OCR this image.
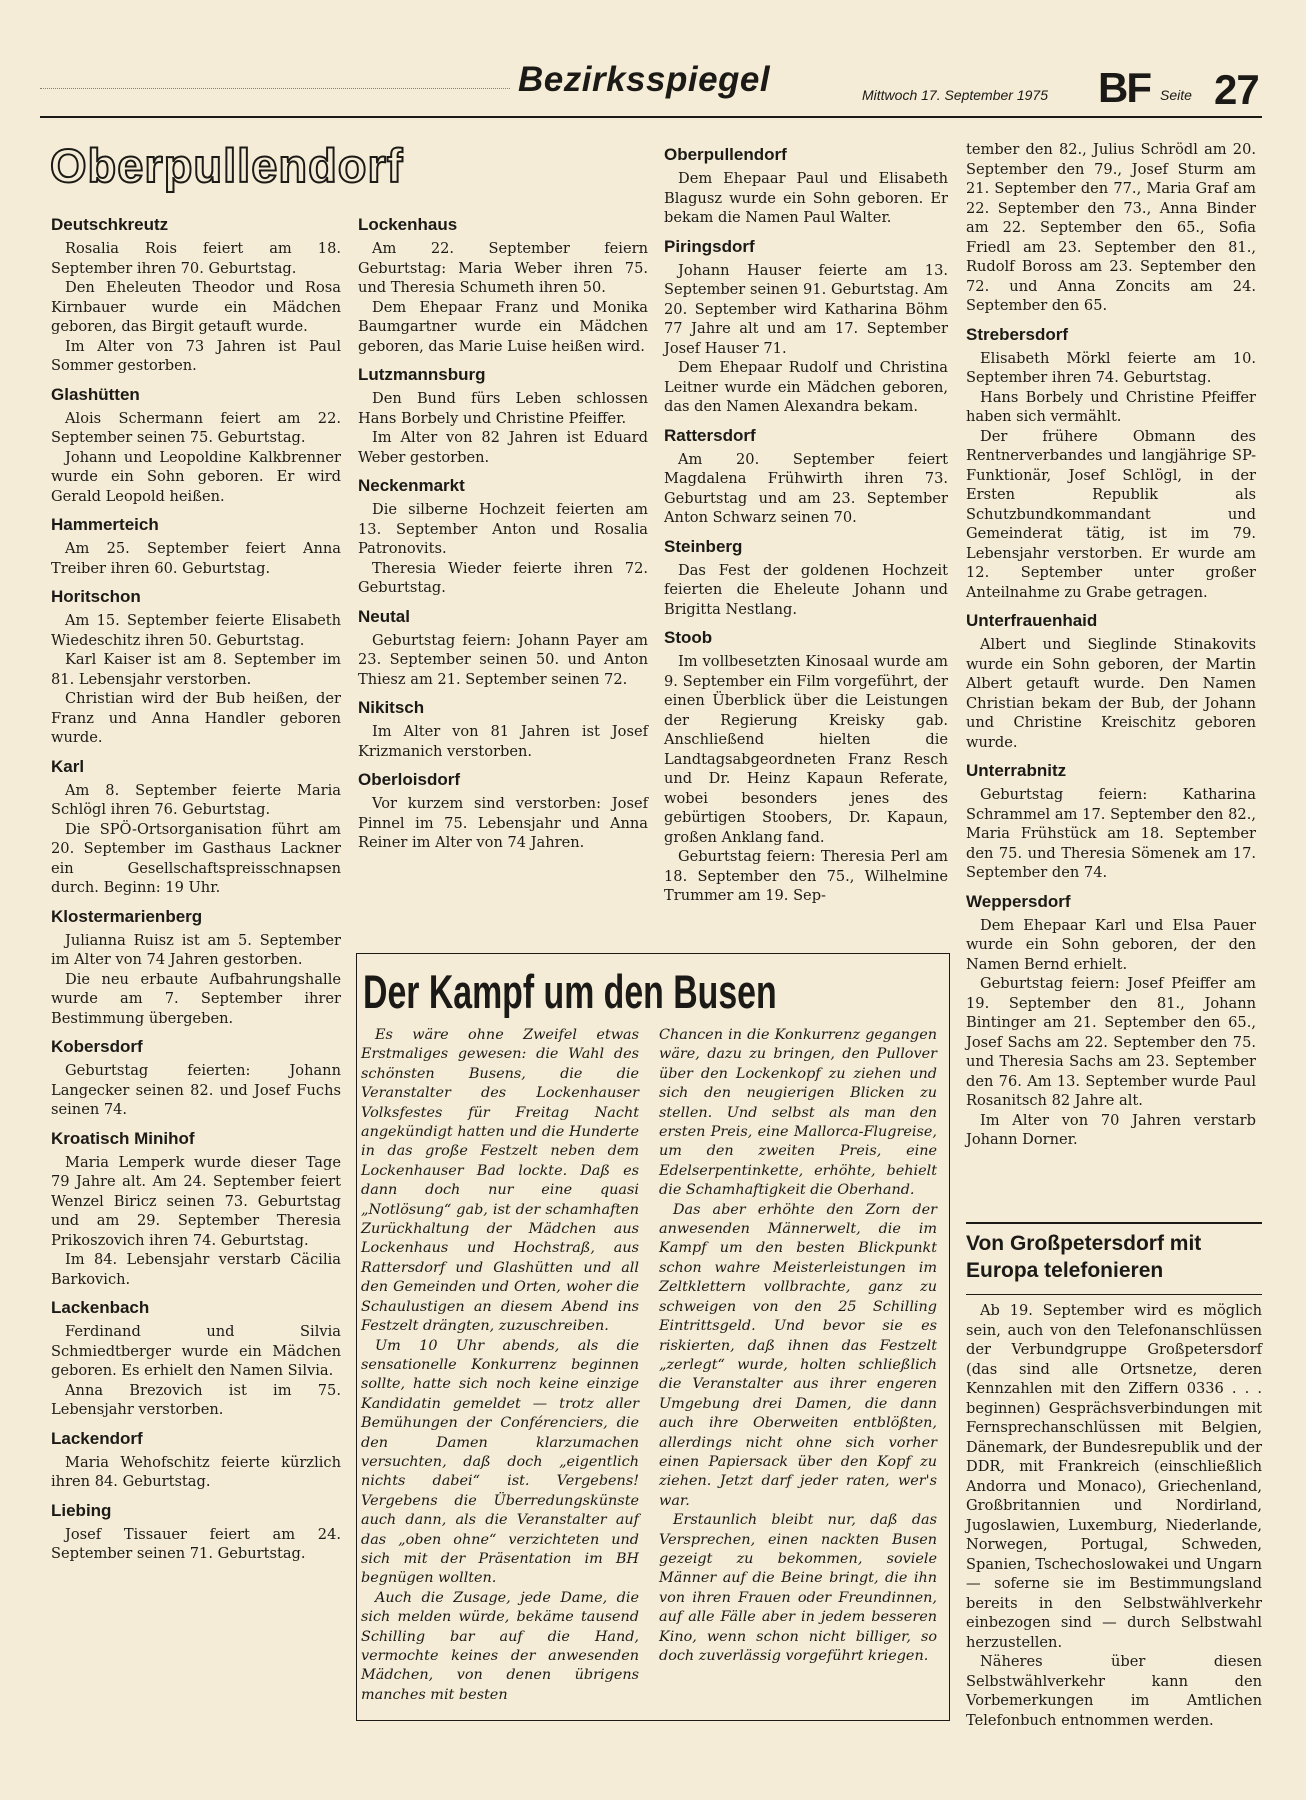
Bezirksspiegel	Mittwoch 17. September 1975 BF Seite 27
Oberpullendorf
Deutschkreutz

Rosalia Rois feiert am 18. September ihren 70. Geburtstag.

Den Eheleuten Theodor und Rosa Kirnbauer wurde ein Mädchen geboren, das Birgit getauft wurde.

Im Alter von 73 Jahren ist Paul Sommer gestorben.

Glashütten

Alois Schermann feiert am 22. September seinen 75. Geburtstag.

Johann und Leopoldine Kalkbrenner wurde ein Sohn geboren. Er wird Gerald Leopold heißen.

Hammerteich

Am 25. September feiert Anna Treiber ihren 60. Geburtstag.

Horitschon

Am 15. September feierte Elisabeth Wiedeschitz ihren 50. Geburtstag.

Karl Kaiser ist am 8. September im 81. Lebensjahr verstorben.

Christian wird der Bub heißen, der Franz und Anna Handler geboren wurde.

Karl

Am 8. September feierte Maria Schlögl ihren 76. Geburtstag.

Die SPÖ-Ortsorganisation führt am 20. September im Gasthaus Lackner ein Gesellschaftspreisschnapsen durch. Beginn: 19 Uhr.

Klostermarienberg

Julianna Ruisz ist am 5. September im Alter von 74 Jahren gestorben.

Die neu erbaute Aufbahrungshalle wurde am 7. September ihrer Bestimmung übergeben.

Kobersdorf

Geburtstag feierten: Johann Langecker seinen 82. und Josef Fuchs seinen 74.

Kroatisch Minihof

Maria Lemperk wurde dieser Tage 79 Jahre alt. Am 24. September feiert Wenzel Biricz seinen 73. Geburtstag und am 29. September Theresia Prikoszovich ihren 74. Geburtstag.

Im 84. Lebensjahr verstarb Cäcilia Barkovich.

Lackenbach

Ferdinand und Silvia Schmiedtberger wurde ein Mädchen geboren. Es erhielt den Namen Silvia.

Anna Brezovich ist im 75. Lebensjahr verstorben.

Lackendorf

Maria Wehofschitz feierte kürzlich ihren 84. Geburtstag.

Liebing

Josef Tissauer feiert am 24. September seinen 71. Geburtstag.

Lockenhaus

Am 22. September feiern Geburtstag: Maria Weber ihren 75. und Theresia Schumeth ihren 50.

Dem Ehepaar Franz und Monika Baumgartner wurde ein Mädchen geboren, das Marie Luise heißen wird.

Lutzmannsburg

Den Bund fürs Leben schlossen Hans Borbely und Christine Pfeiffer.

Im Alter von 82 Jahren ist Eduard Weber gestorben.

Neckenmarkt

Die silberne Hochzeit feierten am 13. September Anton und Rosalia Patronovits.

Theresia Wieder feierte ihren 72. Geburtstag.

Neutal

Geburtstag feiern: Johann Payer am 23. September seinen 50. und Anton Thiesz am 21. September seinen 72.

Nikitsch

Im Alter von 81 Jahren ist Josef Krizmanich verstorben.

Oberloisdorf

Vor kurzem sind verstorben: Josef Pinnel im 75. Lebensjahr und Anna Reiner im Alter von 74 Jahren.

Oberpullendorf

Dem Ehepaar Paul und Elisabeth Blagusz wurde ein Sohn geboren. Er bekam die Namen Paul Walter.

Piringsdorf

Johann Hauser feierte am 13. September seinen 91. Geburtstag. Am 20. September wird Katharina Böhm 77 Jahre alt und am 17. September Josef Hauser 71.

Dem Ehepaar Rudolf und Christina Leitner wurde ein Mädchen geboren, das den Namen Alexandra bekam.

Rattersdorf

Am 20. September feiert Magdalena Frühwirth ihren 73. Geburtstag und am 23. September Anton Schwarz seinen 70.

Steinberg

Das Fest der goldenen Hochzeit feierten die Eheleute Johann und Brigitta Nestlang.

Stoob

Im vollbesetzten Kinosaal wurde am 9. September ein Film vorgeführt, der einen Überblick über die Leistungen der Regierung Kreisky gab. Anschließend hielten die Landtagsabgeordneten Franz Resch und Dr. Heinz Kapaun Referate, wobei besonders jenes des gebürtigen Stoobers, Dr. Kapaun, großen Anklang fand.

Geburtstag feiern: Theresia Perl am 18. September den 75., Wilhelmine Trummer am 19. Sep-

tember den 82., Julius Schrödl am 20. September den 79., Josef Sturm am 21. September den 77., Maria Graf am 22. September den 73., Anna Binder am 22. September den 65., Sofia Friedl am 23. September den 81., Rudolf Boross am 23. September den 72. und Anna Zoncits am 24. September den 65.

Strebersdorf

Elisabeth Mörkl feierte am 10. September ihren 74. Geburtstag.

Hans Borbely und Christine Pfeiffer haben sich vermählt.

Der frühere Obmann des Rentnerverbandes und langjährige SP-Funktionär, Josef Schlögl, in der Ersten Republik als Schutzbundkommandant und Gemeinderat tätig, ist im 79. Lebensjahr verstorben. Er wurde am 12. September unter großer Anteilnahme zu Grabe getragen.

Unterfrauenhaid

Albert und Sieglinde Stinakovits wurde ein Sohn geboren, der Martin Albert getauft wurde. Den Namen Christian bekam der Bub, der Johann und Christine Kreischitz geboren wurde.

Unterrabnitz

Geburtstag feiern: Katharina Schrammel am 17. September den 82., Maria Frühstück am 18. September den 75. und Theresia Sömenek am 17. September den 74.

Weppersdorf

Dem Ehepaar Karl und Elsa Pauer wurde ein Sohn geboren, der den Namen Bernd erhielt.

Geburtstag feiern: Josef Pfeiffer am 19. September den 81., Johann Bintinger am 21. September den 65., Josef Sachs am 22. September den 75. und Theresia Sachs am 23. September den 76. Am 13. September wurde Paul Rosanitsch 82 Jahre alt.

Im Alter von 70 Jahren verstarb Johann Dorner.

Der Kampf um den Busen

Es wäre ohne Zweifel etwas Erstmaliges gewesen: die Wahl des schönsten Busens, die die Veranstalter des Lockenhauser Volksfestes für Freitag Nacht angekündigt hatten und die Hunderte in das große Festzelt neben dem Lockenhauser Bad lockte. Daß es dann doch nur eine quasi „Notlösung“ gab, ist der schamhaften Zurückhaltung der Mädchen aus Lockenhaus und Hochstraß, aus Rattersdorf und Glashütten und all den Gemeinden und Orten, woher die Schaulustigen an diesem Abend ins Festzelt drängten, zuzuschreiben.

Um 10 Uhr abends, als die sensationelle Konkurrenz beginnen sollte, hatte sich noch keine einzige Kandidatin gemeldet — trotz aller Bemühungen der Conférenciers, die den Damen klarzumachen versuchten, daß doch „eigentlich nichts dabei“ ist. Vergebens! Vergebens die Überredungskünste auch dann, als die Veranstalter auf das „oben ohne“ verzichteten und sich mit der Präsentation im BH begnügen wollten.

Auch die Zusage, jede Dame, die sich melden würde, bekäme tausend Schilling bar auf die Hand, vermochte keines der anwesenden Mädchen, von denen übrigens manches mit besten

Chancen in die Konkurrenz gegangen wäre, dazu zu bringen, den Pullover über den Lockenkopf zu ziehen und sich den neugierigen Blicken zu stellen. Und selbst als man den ersten Preis, eine Mallorca-Flugreise, um den zweiten Preis, eine Edelserpentinkette, erhöhte, behielt die Schamhaftigkeit die Oberhand.

Das aber erhöhte den Zorn der anwesenden Männerwelt, die im Kampf um den besten Blickpunkt schon wahre Meisterleistungen im Zeltklettern vollbrachte, ganz zu schweigen von den 25 Schilling Eintrittsgeld. Und bevor sie es riskierten, daß ihnen das Festzelt „zerlegt“ wurde, holten schließlich die Veranstalter aus ihrer engeren Umgebung drei Damen, die dann auch ihre Oberweiten entblößten, allerdings nicht ohne sich vorher einen Papiersack über den Kopf zu ziehen. Jetzt darf jeder raten, wer's war.

Erstaunlich bleibt nur, daß das Versprechen, einen nackten Busen gezeigt zu bekommen, soviele Männer auf die Beine bringt, die ihn von ihren Frauen oder Freundinnen, auf alle Fälle aber in jedem besseren Kino, wenn schon nicht billiger, so doch zuverlässig vorgeführt kriegen.

Von Großpetersdorf mit Europa telefonieren

Ab 19. September wird es möglich sein, auch von den Telefonanschlüssen der Verbundgruppe Großpetersdorf (das sind alle Ortsnetze, deren Kennzahlen mit den Ziffern 0336 . . . beginnen) Gesprächsverbindungen mit Fernsprechanschlüssen mit Belgien, Dänemark, der Bundesrepublik und der DDR, mit Frankreich (einschließlich Andorra und Monaco), Griechenland, Großbritannien und Nordirland, Jugoslawien, Luxemburg, Niederlande, Norwegen, Portugal, Schweden, Spanien, Tschechoslowakei und Ungarn — soferne sie im Bestimmungsland bereits in den Selbstwählverkehr einbezogen sind — durch Selbstwahl herzustellen.

Näheres über diesen Selbstwählverkehr kann den Vorbemerkungen im Amtlichen Telefonbuch entnommen werden.
